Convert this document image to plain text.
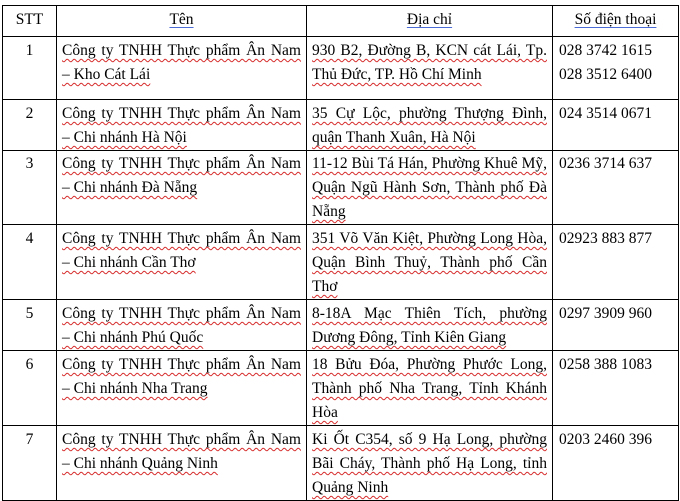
STT	Tên	Địa chỉ	Số điện thoại
1	Công ty TNHH Thực phẩm Ân Nam – Kho Cát Lái	930 B2, Đường B, KCN cát Lái, Tp. Thủ Đức, TP. Hồ Chí Minh	028 3742 1615
028 3512 6400

2	Công ty TNHH Thực phẩm Ân Nam – Chi nhánh Hà Nội	35 Cự Lộc, phường Thượng Đình, quận Thanh Xuân, Hà Nội	024 3514 0671

3	Công ty TNHH Thực phẩm Ân Nam – Chi nhánh Đà Nẵng	11-12 Bùi Tá Hán, Phường Khuê Mỹ, Quận Ngũ Hành Sơn, Thành phố Đà Nẵng	0236 3714 637

4	Công ty TNHH Thực phẩm Ân Nam – Chi nhánh Cần Thơ	351 Võ Văn Kiệt, Phường Long Hòa, Quận Bình Thuỷ, Thành phố Cần Thơ	02923 883 877

5	Công ty TNHH Thực phẩm Ân Nam – Chi nhánh Phú Quốc	8-18A Mạc Thiên Tích, phường Dương Đông, Tỉnh Kiên Giang	0297 3909 960

6	Công ty TNHH Thực phẩm Ân Nam – Chi nhánh Nha Trang	18 Bửu Đóa, Phường Phước Long, Thành phố Nha Trang, Tỉnh Khánh Hòa	0258 388 1083

7	Công ty TNHH Thực phẩm Ân Nam – Chi nhánh Quảng Ninh	Ki Ốt C354, số 9 Hạ Long, phường Bãi Cháy, Thành phố Hạ Long, tỉnh Quảng Ninh	0203 2460 396
